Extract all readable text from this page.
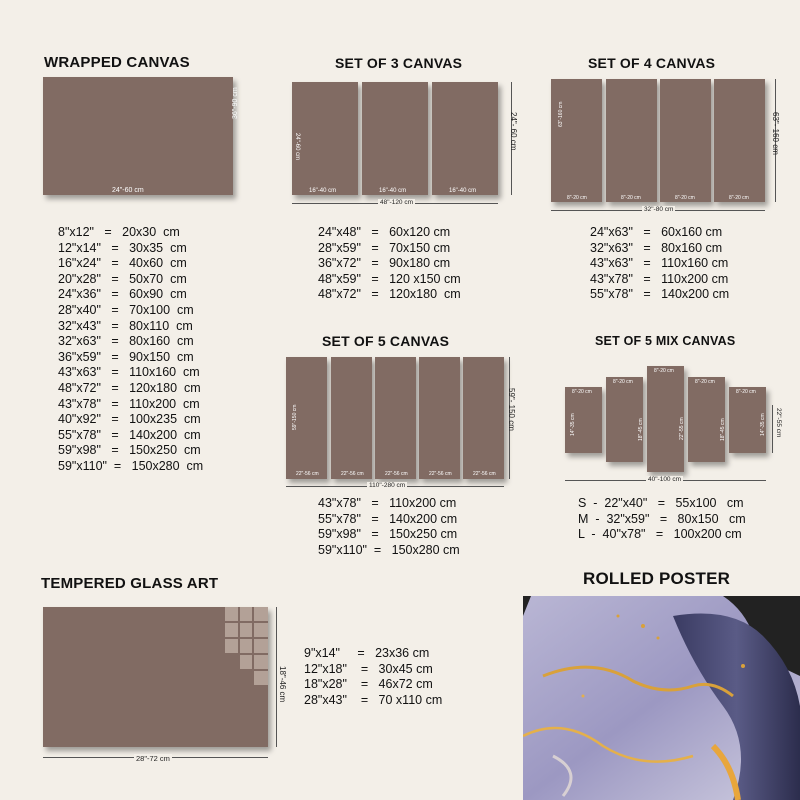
WRAPPED CANVAS
24"-60 cm
36"-90 cm
8"x12"   =   20x30  cm
12"x14"   =   30x35  cm
16"x24"   =   40x60  cm
20"x28"   =   50x70  cm
24"x36"   =   60x90  cm
28"x40"   =   70x100  cm
32"x43"   =   80x110  cm
32"x63"   =   80x160  cm
36"x59"   =   90x150  cm
43"x63"   =   110x160  cm
48"x72"   =   120x180  cm
43"x78"   =   110x200  cm
40"x92"   =   100x235  cm
55"x78"   =   140x200  cm
59"x98"   =   150x250  cm
59"x110"  =   150x280  cm
SET OF 3 CANVAS
16"-40 cm	16"-40 cm	16"-40 cm
24"-60 cm
48"-120 cm
24"- 60 cm
24"x48"   =   60x120 cm
28"x59"   =   70x150 cm
36"x72"   =   90x180 cm
48"x59"   =   120 x150 cm
48"x72"   =   120x180  cm
SET OF 4 CANVAS
8"-20 cm	8"-20 cm	8"-20 cm	8"-20 cm
63"-160 cm
32"-80 cm
63"- 160 cm
24"x63"   =   60x160 cm
32"x63"   =   80x160 cm
43"x63"   =   110x160 cm
43"x78"   =   110x200 cm
55"x78"   =   140x200 cm
SET OF 5 CANVAS
22"-56 cm	22"-56 cm	22"-56 cm	22"-56 cm	22"-56 cm
59"-150 cm
110"-280 cm
59"- 150 cm
43"x78"   =   110x200 cm
55"x78"   =   140x200 cm
59"x98"   =   150x250 cm
59"x110"  =   150x280 cm
SET OF 5 MIX CANVAS
8"-20 cm
8"-20 cm
8"-20 cm
8"-20 cm
8"-20 cm
14"-35 cm	18"-45 cm	22"-55 cm	18"-45 cm	14"-35 cm
40"-100 cm
22"-55 cm
S  -  22"x40"   =   55x100   cm
M  -  32"x59"   =   80x150   cm
L  -  40"x78"   =   100x200 cm
TEMPERED GLASS ART
28"-72 cm
18"-46 cm
9"x14"     =   23x36 cm
12"x18"    =   30x45 cm
18"x28"    =   46x72 cm
28"x43"    =   70 x110 cm
ROLLED POSTER
